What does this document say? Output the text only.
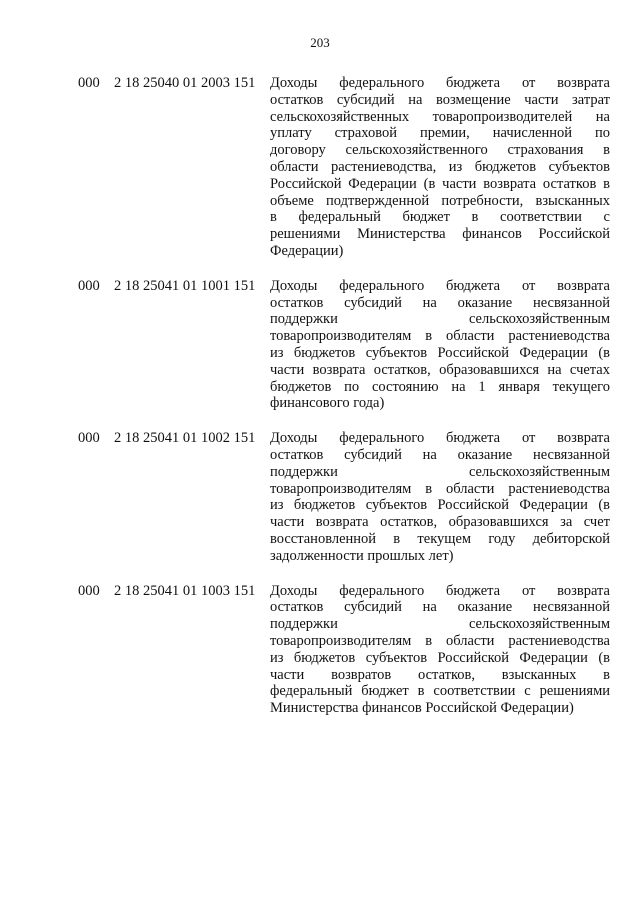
203
000 2 18 25040 01 2003 151	Доходы федерального бюджета от возврата
остатков субсидий на возмещение части затрат
сельскохозяйственных товаропроизводителей на
уплату страховой премии, начисленной по
договору сельскохозяйственного страхования в
области растениеводства, из бюджетов субъектов
Российской Федерации (в части возврата остатков в
объеме подтвержденной потребности, взысканных
в федеральный бюджет в соответствии с
решениями Министерства финансов Российской
Федерации)
000 2 18 25041 01 1001 151	Доходы федерального бюджета от возврата
остатков субсидий на оказание несвязанной
поддержки сельскохозяйственным
товаропроизводителям в области растениеводства
из бюджетов субъектов Российской Федерации (в
части возврата остатков, образовавшихся на счетах
бюджетов по состоянию на 1 января текущего
финансового года)
000 2 18 25041 01 1002 151	Доходы федерального бюджета от возврата
остатков субсидий на оказание несвязанной
поддержки сельскохозяйственным
товаропроизводителям в области растениеводства
из бюджетов субъектов Российской Федерации (в
части возврата остатков, образовавшихся за счет
восстановленной в текущем году дебиторской
задолженности прошлых лет)
000 2 18 25041 01 1003 151	Доходы федерального бюджета от возврата
остатков субсидий на оказание несвязанной
поддержки сельскохозяйственным
товаропроизводителям в области растениеводства
из бюджетов субъектов Российской Федерации (в
части возвратов остатков, взысканных в
федеральный бюджет в соответствии с решениями
Министерства финансов Российской Федерации)
